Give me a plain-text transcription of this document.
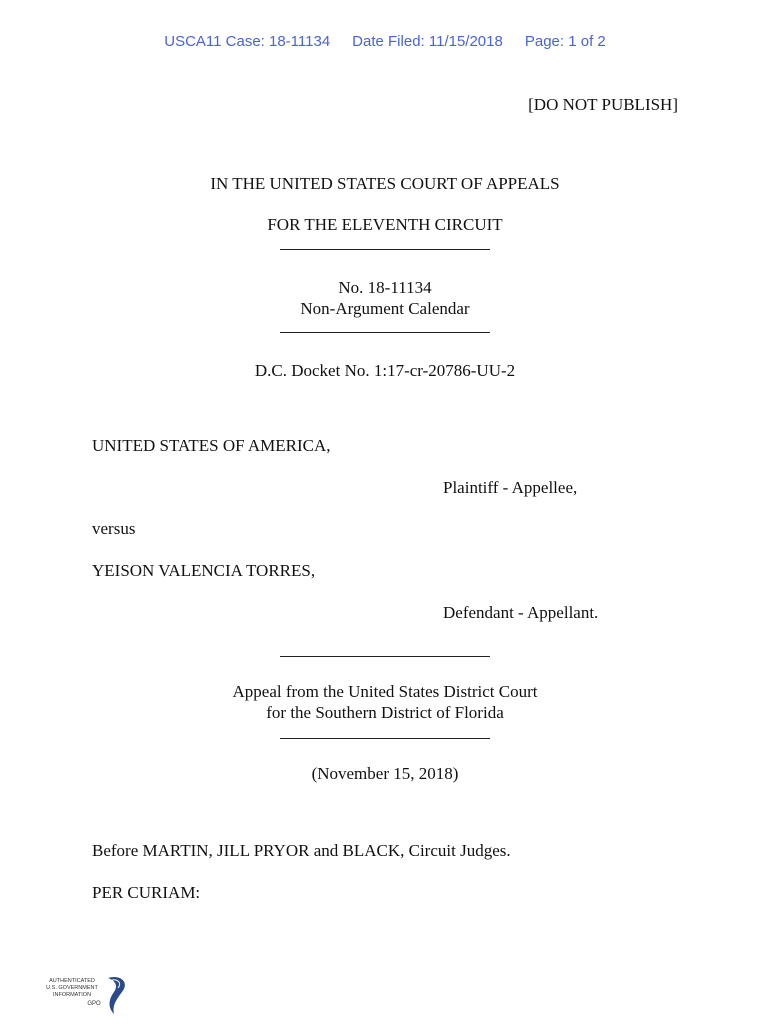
USCA11 Case: 18-11134 Date Filed: 11/15/2018 Page: 1 of 2
[DO NOT PUBLISH]
IN THE UNITED STATES COURT OF APPEALS
FOR THE ELEVENTH CIRCUIT
No. 18-11134
Non-Argument Calendar
D.C. Docket No. 1:17-cr-20786-UU-2
UNITED STATES OF AMERICA,
Plaintiff - Appellee,
versus
YEISON VALENCIA TORRES,
Defendant - Appellant.
Appeal from the United States District Court
for the Southern District of Florida
(November 15, 2018)
Before MARTIN, JILL PRYOR and BLACK, Circuit Judges.
PER CURIAM:
AUTHENTICATED
U.S. GOVERNMENT
INFORMATION
GPO
